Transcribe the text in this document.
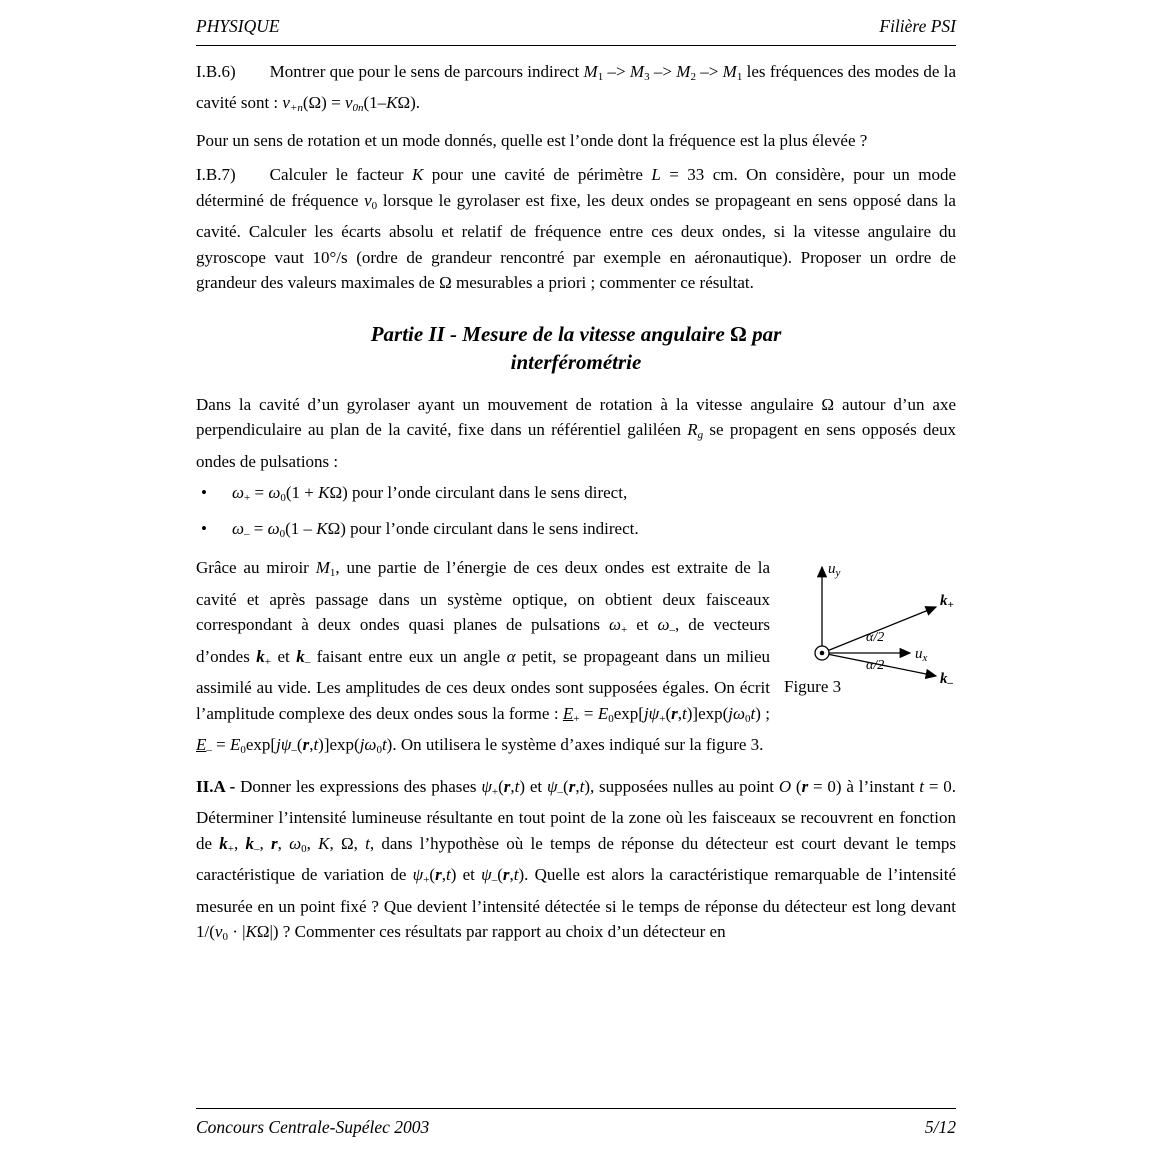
PHYSIQUE	Filière PSI
I.B.6) Montrer que pour le sens de parcours indirect M1 –> M3 –> M2 –> M1 les fréquences des modes de la cavité sont : ν+n(Ω) = ν0n(1–KΩ).
Pour un sens de rotation et un mode donnés, quelle est l’onde dont la fréquence est la plus élevée ?
I.B.7) Calculer le facteur K pour une cavité de périmètre L = 33 cm. On considère, pour un mode déterminé de fréquence ν0 lorsque le gyrolaser est fixe, les deux ondes se propageant en sens opposé dans la cavité. Calculer les écarts absolu et relatif de fréquence entre ces deux ondes, si la vitesse angulaire du gyroscope vaut 10°/s (ordre de grandeur rencontré par exemple en aéronautique). Proposer un ordre de grandeur des valeurs maximales de Ω mesurables a priori ; commenter ce résultat.
Partie II - Mesure de la vitesse angulaire Ω par
interférométrie
Dans la cavité d’un gyrolaser ayant un mouvement de rotation à la vitesse angulaire Ω autour d’un axe perpendiculaire au plan de la cavité, fixe dans un référentiel galiléen Rg se propagent en sens opposés deux ondes de pulsations :
•	ω+ = ω0(1 + KΩ) pour l’onde circulant dans le sens direct,
•	ω– = ω0(1 – KΩ) pour l’onde circulant dans le sens indirect.
$u_y$
$u_x$
$k_+$
$k_-$
α/2
α/2
Figure 3
Grâce au miroir M1, une partie de l’énergie de ces deux ondes est extraite de la cavité et après passage dans un système optique, on obtient deux faisceaux correspondant à deux ondes quasi planes de pulsations ω+ et ω–, de vecteurs d’ondes k+ et k– faisant entre eux un angle α petit, se propageant dans un milieu assimilé au vide. Les amplitudes de ces deux ondes sont supposées égales. On écrit l’amplitude complexe des deux ondes sous la forme : E+ = E0exp[jψ+(r,t)]exp(jω0t) ; E– = E0exp[jψ–(r,t)]exp(jω0t). On utilisera le système d’axes indiqué sur la figure 3.
II.A - Donner les expressions des phases ψ+(r,t) et ψ–(r,t), supposées nulles au point O (r = 0) à l’instant t = 0. Déterminer l’intensité lumineuse résultante en tout point de la zone où les faisceaux se recouvrent en fonction de k+, k–, r, ω0, K, Ω, t, dans l’hypothèse où le temps de réponse du détecteur est court devant le temps caractéristique de variation de ψ+(r,t) et ψ–(r,t). Quelle est alors la caractéristique remarquable de l’intensité mesurée en un point fixé ? Que devient l’intensité détectée si le temps de réponse du détecteur est long devant 1/(ν0 · |KΩ|) ? Commenter ces résultats par rapport au choix d’un détecteur en
Concours Centrale-Supélec 2003	5/12
